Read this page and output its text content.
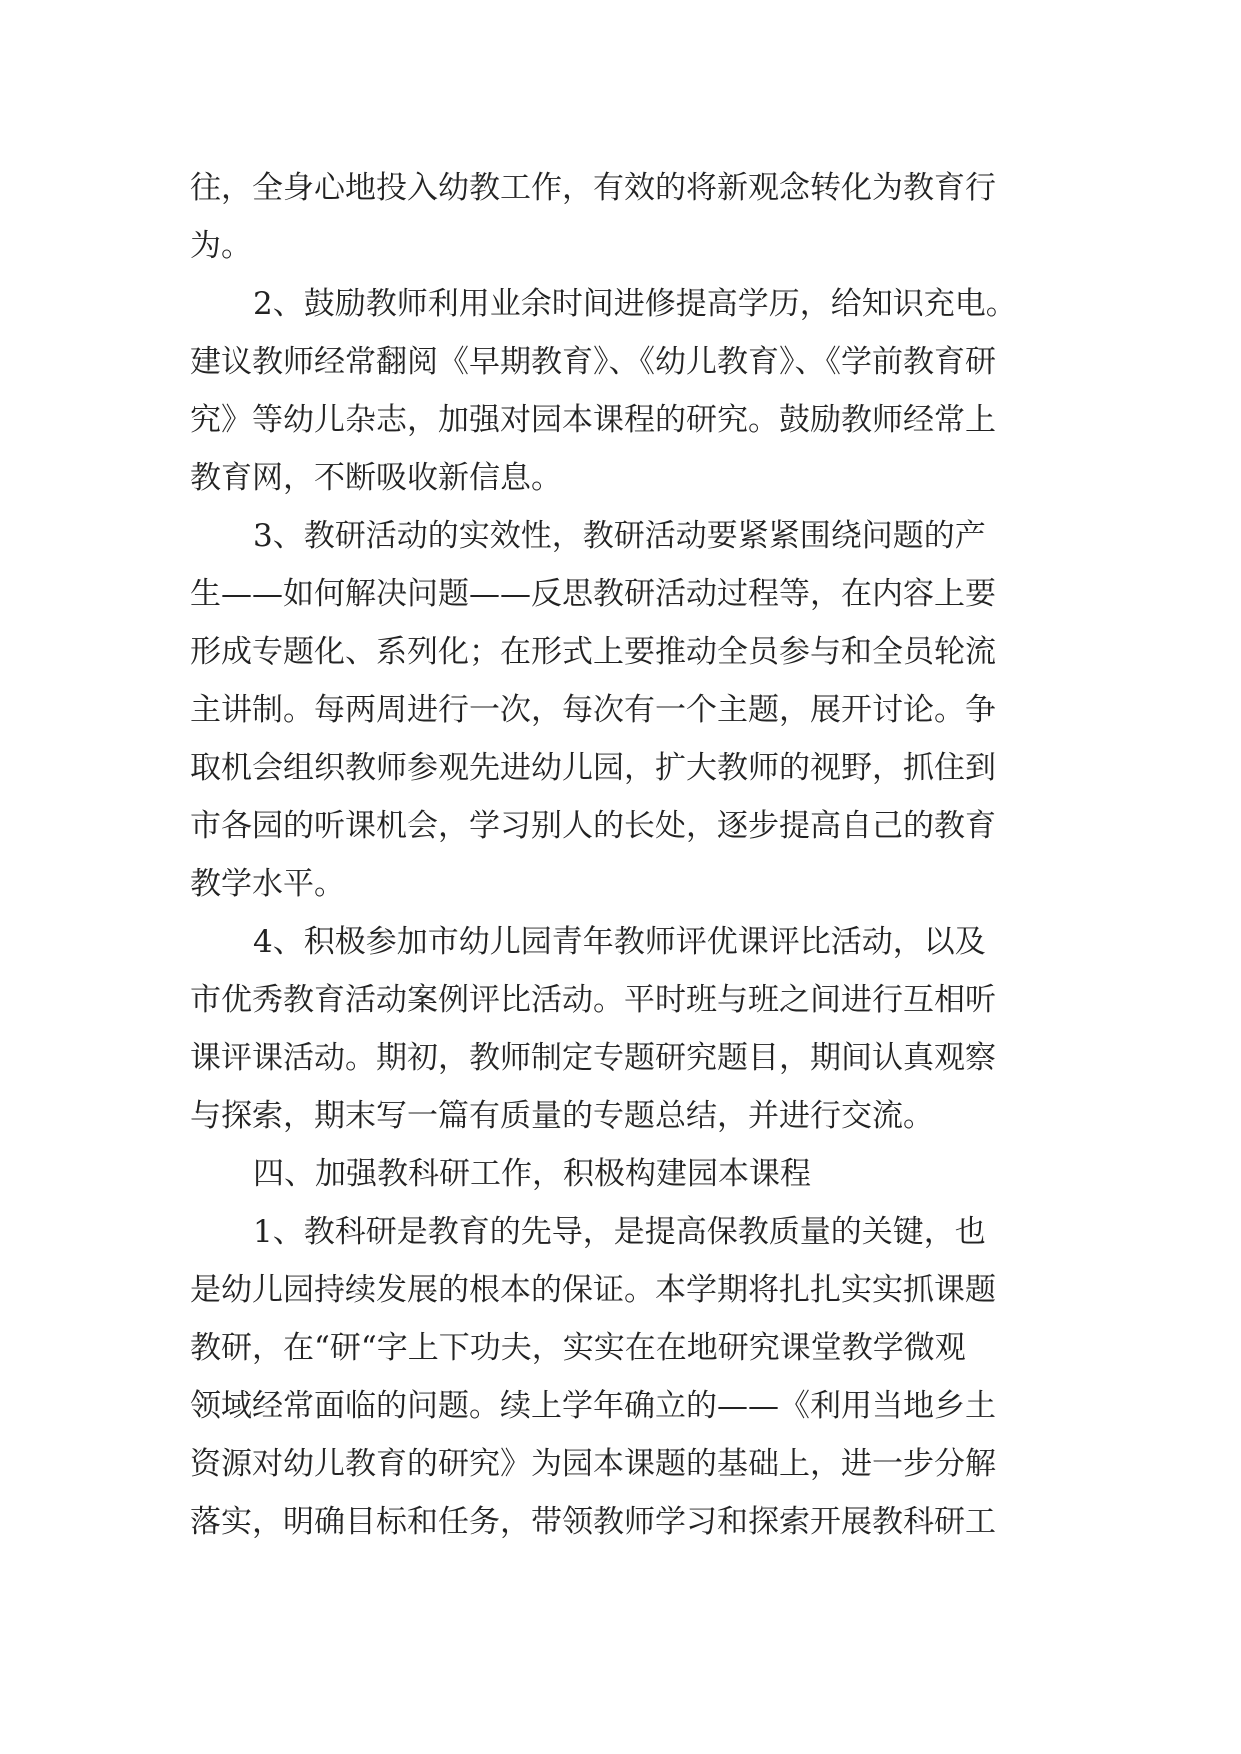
往，全身心地投入幼教工作，有效的将新观念转化为教育行
为。
2、鼓励教师利用业余时间进修提高学历，给知识充电。
建议教师经常翻阅《早期教育》、《幼儿教育》、《学前教育研
究》等幼儿杂志，加强对园本课程的研究。鼓励教师经常上
教育网，不断吸收新信息。
3、教研活动的实效性，教研活动要紧紧围绕问题的产
生——如何解决问题——反思教研活动过程等，在内容上要
形成专题化、系列化；在形式上要推动全员参与和全员轮流
主讲制。每两周进行一次，每次有一个主题，展开讨论。争
取机会组织教师参观先进幼儿园，扩大教师的视野，抓住到
市各园的听课机会，学习别人的长处，逐步提高自己的教育
教学水平。
4、积极参加市幼儿园青年教师评优课评比活动，以及
市优秀教育活动案例评比活动。平时班与班之间进行互相听
课评课活动。期初，教师制定专题研究题目，期间认真观察
与探索，期末写一篇有质量的专题总结，并进行交流。
四、加强教科研工作，积极构建园本课程
1、教科研是教育的先导，是提高保教质量的关键，也
是幼儿园持续发展的根本的保证。本学期将扎扎实实抓课题
教研，在“研“字上下功夫，实实在在地研究课堂教学微观
领域经常面临的问题。续上学年确立的——《利用当地乡土
资源对幼儿教育的研究》为园本课题的基础上，进一步分解
落实，明确目标和任务，带领教师学习和探索开展教科研工
